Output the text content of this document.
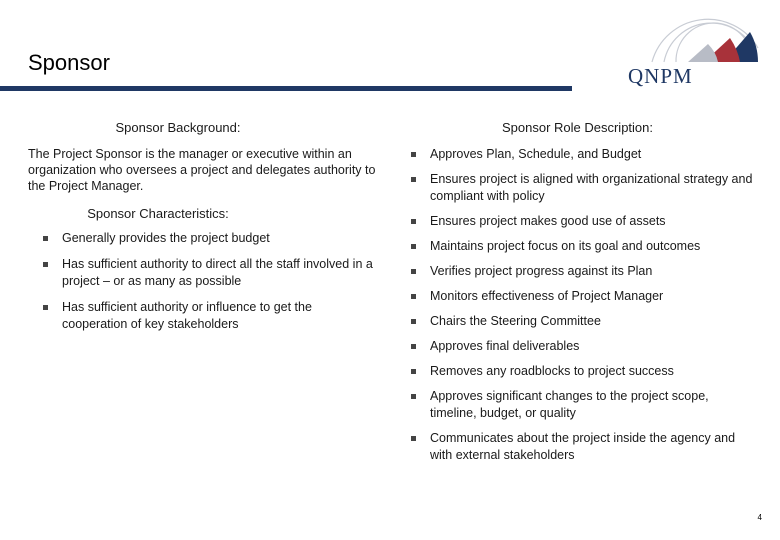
Sponsor
QNPM
Sponsor Background:

The Project Sponsor is the manager or executive within an organization who oversees a project and delegates authority to the Project Manager.

Sponsor Characteristics:
Generally provides the project budget
Has sufficient authority to direct all the staff involved in a project – or as many as possible
Has sufficient authority or influence to get the cooperation of key stakeholders
Sponsor Role Description:
Approves Plan, Schedule, and Budget
Ensures project is aligned with organizational strategy and compliant with policy
Ensures project makes good use of assets
Maintains project focus on its goal and outcomes
Verifies project progress against its Plan
Monitors effectiveness of Project Manager
Chairs the Steering Committee
Approves final deliverables
Removes any roadblocks to project success
Approves significant changes to the project scope, timeline, budget, or quality
Communicates about the project inside the agency and with external stakeholders
4
